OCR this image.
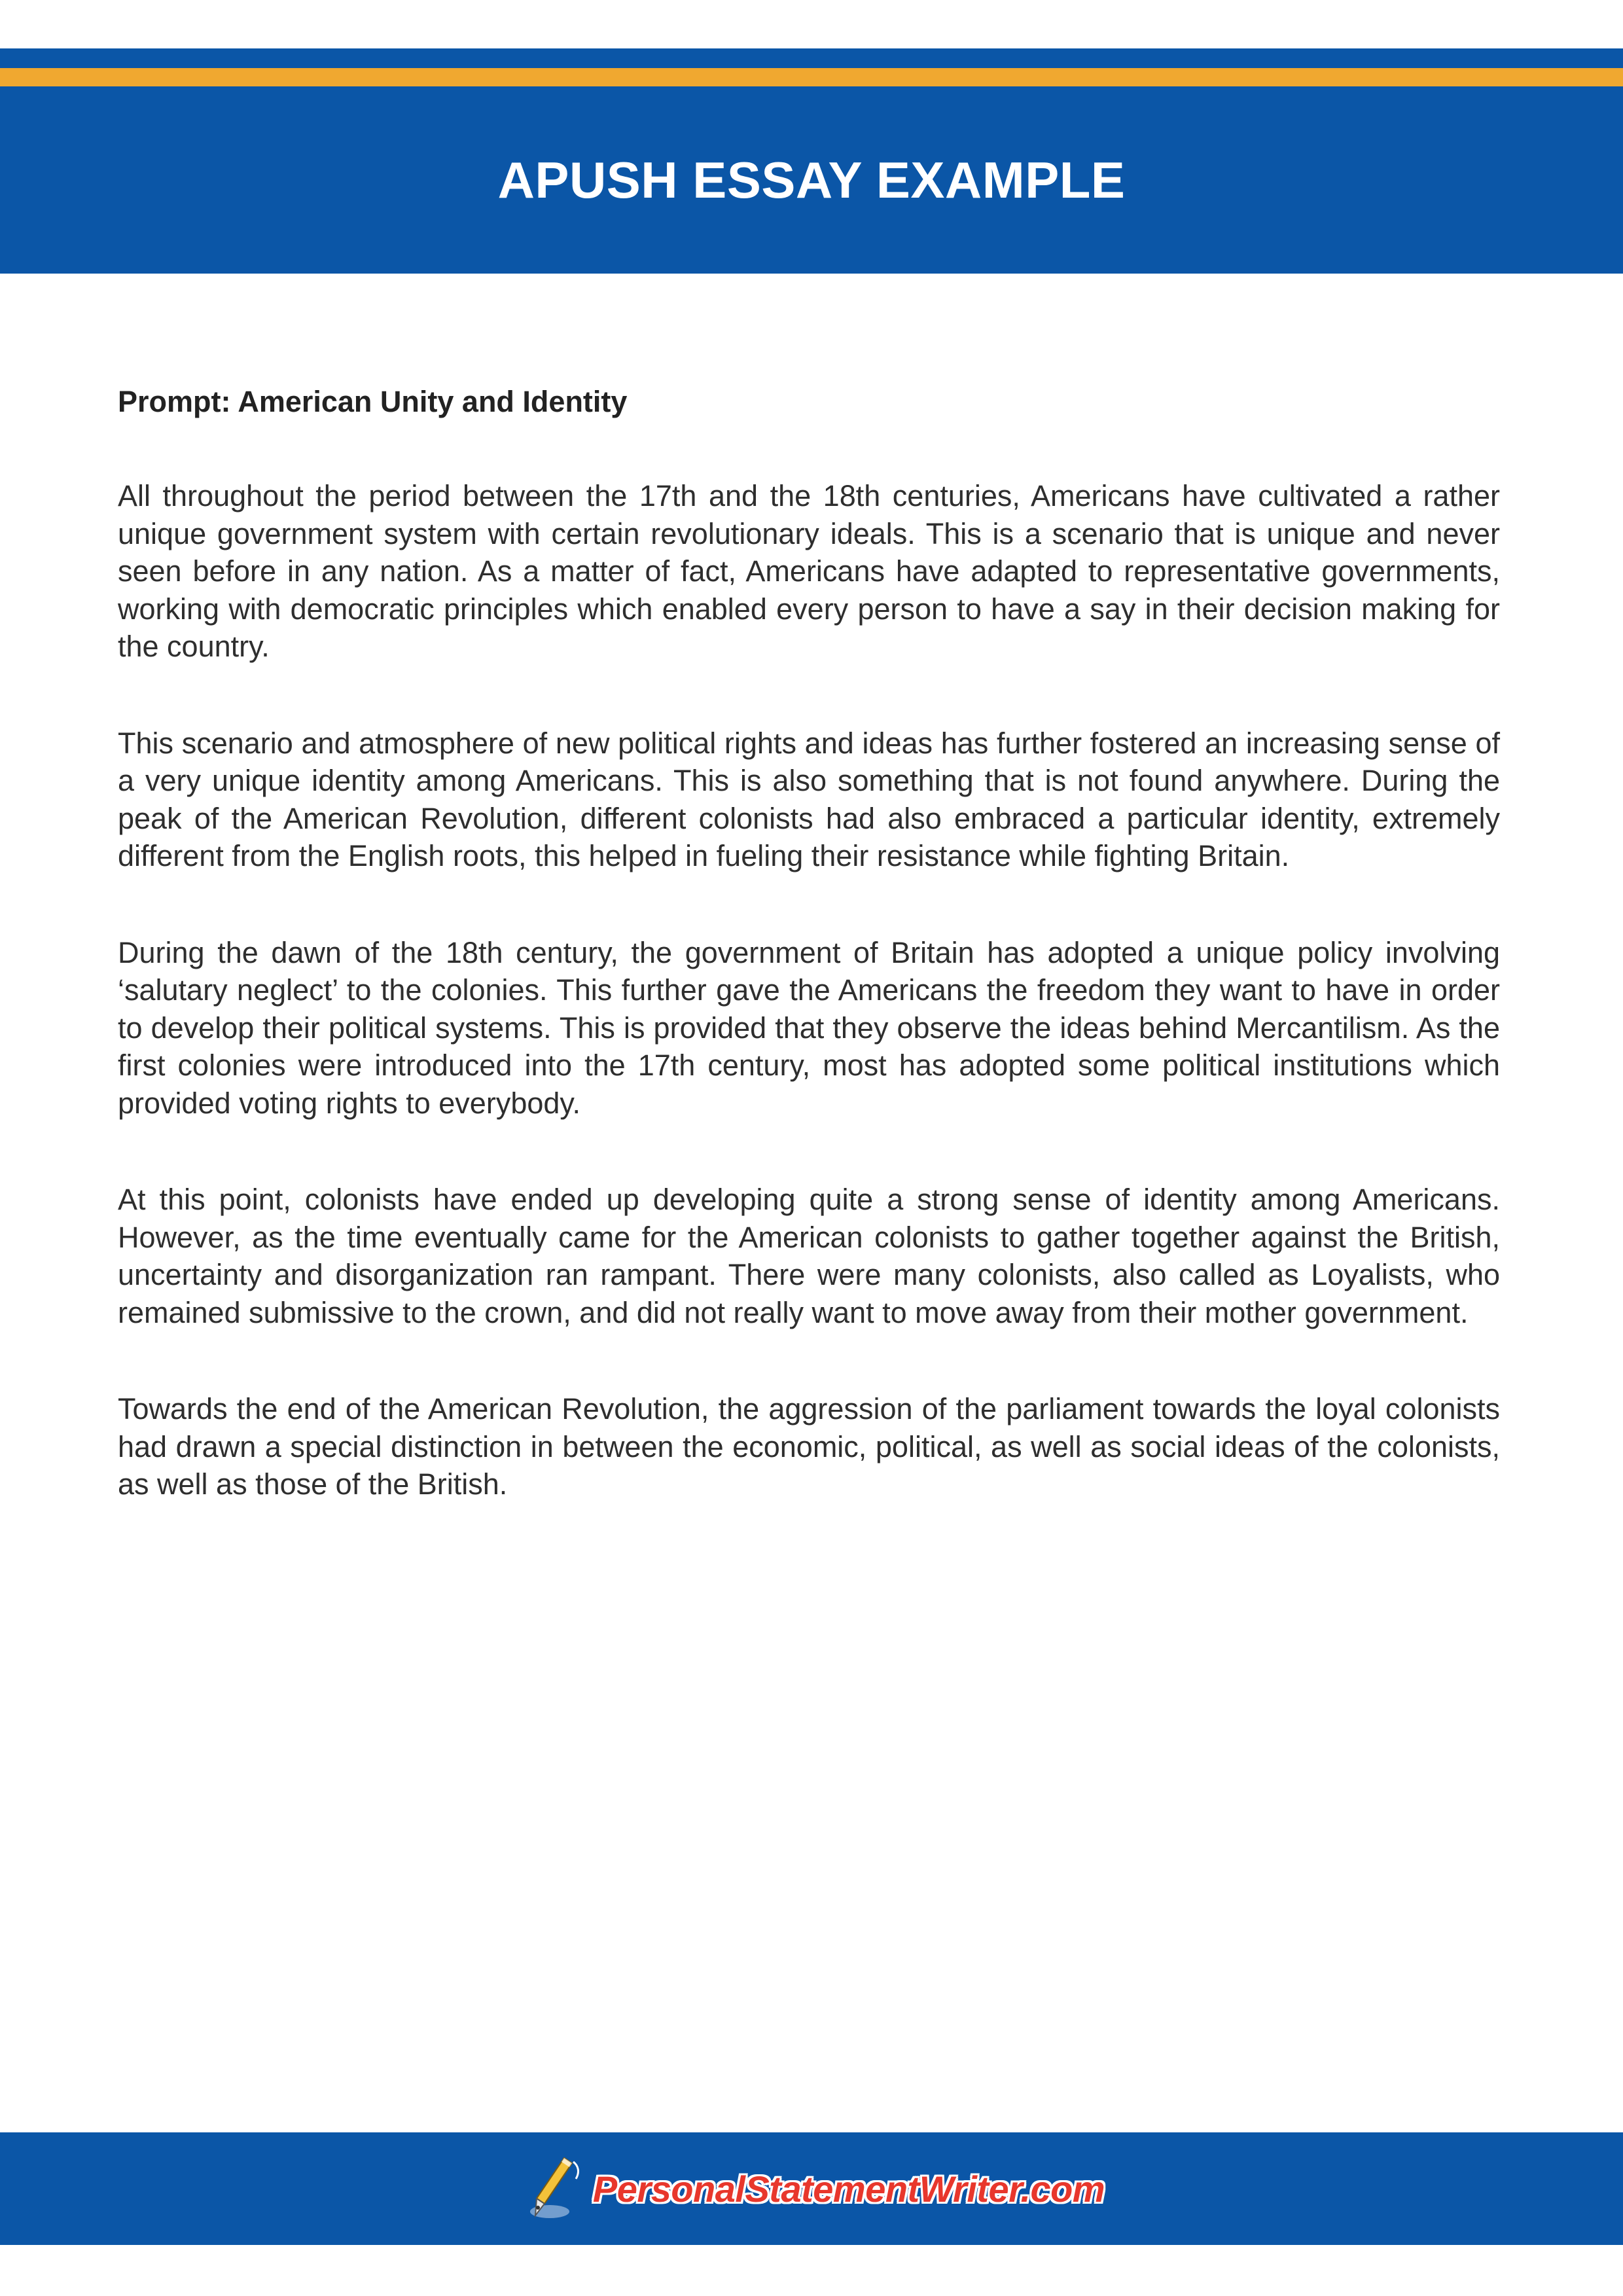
APUSH ESSAY EXAMPLE

Prompt: American Unity and Identity

All throughout the period between the 17th and the 18th centuries, Americans have cultivated a rather unique government system with certain revolutionary ideals. This is a scenario that is unique and never seen before in any nation. As a matter of fact, Americans have adapted to representative governments, working with democratic principles which enabled every person to have a say in their decision making for the country.

This scenario and atmosphere of new political rights and ideas has further fostered an increasing sense of a very unique identity among Americans. This is also something that is not found anywhere. During the peak of the American Revolution, different colonists had also embraced a particular identity, extremely different from the English roots, this helped in fueling their resistance while fighting Britain.

During the dawn of the 18th century, the government of Britain has adopted a unique policy involving ‘salutary neglect’ to the colonies. This further gave the Americans the freedom they want to have in order to develop their political systems. This is provided that they observe the ideas behind Mercantilism. As the first colonies were introduced into the 17th century, most has adopted some political institutions which provided voting rights to everybody.

At this point, colonists have ended up developing quite a strong sense of identity among Americans. However, as the time eventually came for the American colonists to gather together against the British, uncertainty and disorganization ran rampant. There were many colonists, also called as Loyalists, who remained submissive to the crown, and did not really want to move away from their mother government.

Towards the end of the American Revolution, the aggression of the parliament towards the loyal colonists had drawn a special distinction in between the economic, political, as well as social ideas of the colonists, as well as those of the British.

PersonalStatementWriter.com
